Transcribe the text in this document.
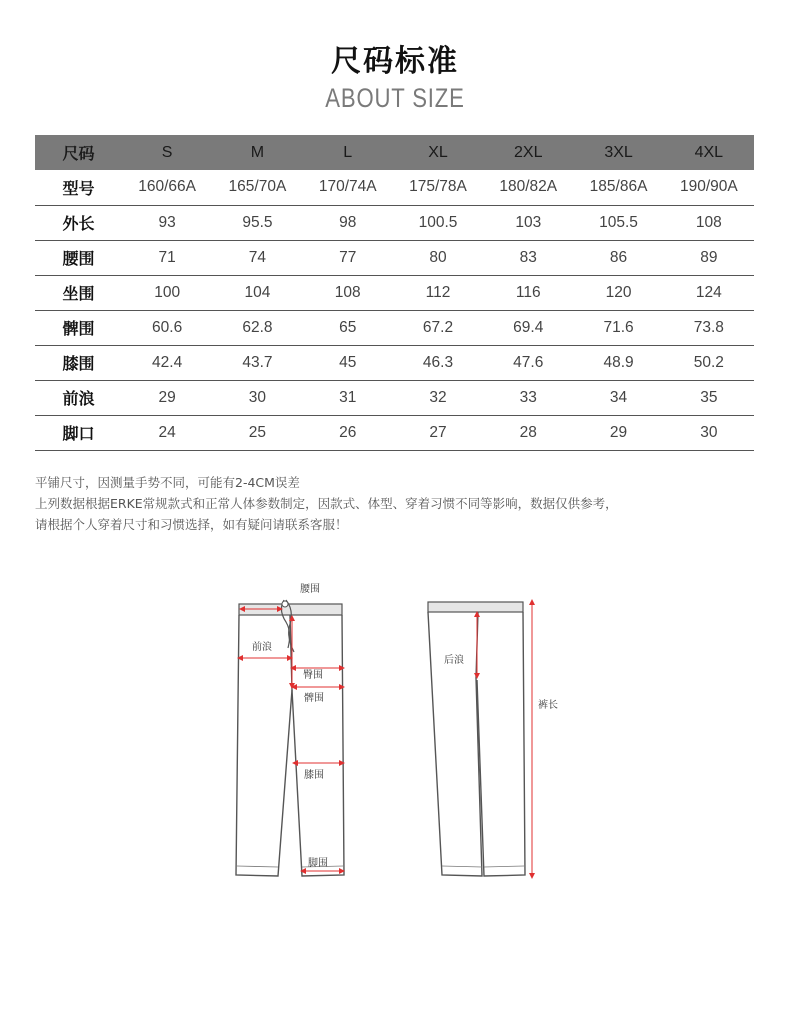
尺码标准
ABOUT SIZE
尺码	S	M	L	XL	2XL	3XL	4XL
型号	160/66A	165/70A	170/74A	175/78A	180/82A	185/86A	190/90A
外长	93	95.5	98	100.5	103	105.5	108
腰围	71	74	77	80	83	86	89
坐围	100	104	108	112	116	120	124
髀围	60.6	62.8	65	67.2	69.4	71.6	73.8
膝围	42.4	43.7	45	46.3	47.6	48.9	50.2
前浪	29	30	31	32	33	34	35
脚口	24	25	26	27	28	29	30
平铺尺寸，因测量手势不同，可能有2-4CM误差
上列数据根据ERKE常规款式和正常人体参数制定，因款式、体型、穿着习惯不同等影响，数据仅供参考，
请根据个人穿着尺寸和习惯选择，如有疑问请联系客服！
腰围
前浪
臀围
髀围
膝围
脚围
后浪
裤长
